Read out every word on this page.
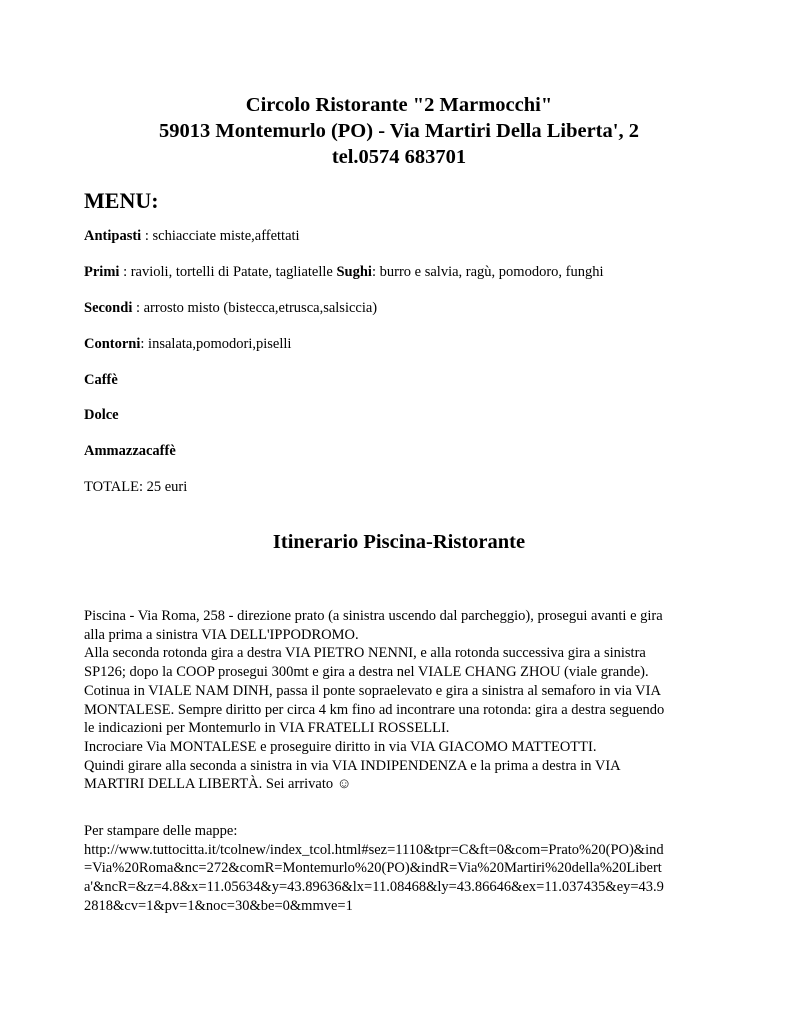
Circolo Ristorante "2 Marmocchi"
59013 Montemurlo (PO) - Via Martiri Della Liberta', 2
tel.0574 683701
MENU:
Antipasti : schiacciate miste,affettati
Primi : ravioli, tortelli di Patate, tagliatelle Sughi: burro e salvia, ragù, pomodoro, funghi
Secondi : arrosto misto (bistecca,etrusca,salsiccia)
Contorni: insalata,pomodori,piselli
Caffè
Dolce
Ammazzacaffè
TOTALE: 25 euri
Itinerario Piscina-Ristorante
Piscina - Via Roma, 258 - direzione prato (a sinistra uscendo dal parcheggio), prosegui avanti e gira
alla prima a sinistra VIA DELL'IPPODROMO.
Alla seconda rotonda gira a destra VIA PIETRO NENNI, e alla rotonda successiva gira a sinistra
SP126; dopo la COOP prosegui 300mt e gira a destra nel VIALE CHANG ZHOU (viale grande).
Cotinua in VIALE NAM DINH, passa il ponte sopraelevato e gira a sinistra al semaforo in via VIA
MONTALESE. Sempre diritto per circa 4 km fino ad incontrare una rotonda: gira a destra seguendo
le indicazioni per Montemurlo in VIA FRATELLI ROSSELLI.
Incrociare Via MONTALESE e proseguire diritto in via VIA GIACOMO MATTEOTTI.
Quindi girare alla seconda a sinistra in via VIA INDIPENDENZA e la prima a destra in VIA
MARTIRI DELLA LIBERTÀ. Sei arrivato ☺
Per stampare delle mappe:
http://www.tuttocitta.it/tcolnew/index_tcol.html#sez=1110&tpr=C&ft=0&com=Prato%20(PO)&ind
=Via%20Roma&nc=272&comR=Montemurlo%20(PO)&indR=Via%20Martiri%20della%20Libert
a'&ncR=&z=4.8&x=11.05634&y=43.89636&lx=11.08468&ly=43.86646&ex=11.037435&ey=43.9
2818&cv=1&pv=1&noc=30&be=0&mmve=1
